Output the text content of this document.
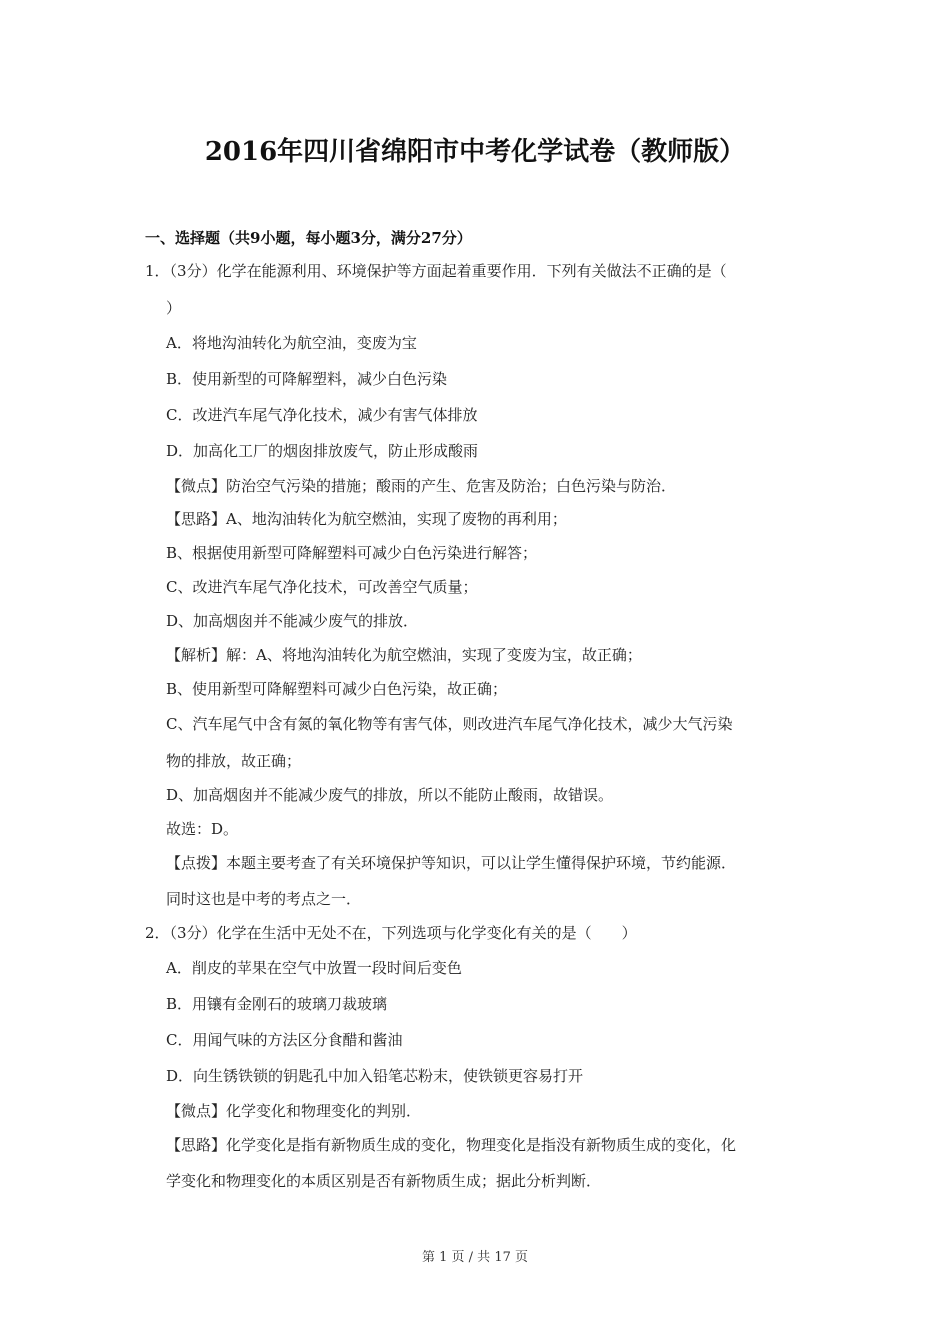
2016年四川省绵阳市中考化学试卷（教师版）
一、选择题（共9小题，每小题3分，满分27分）
1．（3分）化学在能源利用、环境保护等方面起着重要作用．下列有关做法不正确的是（
）
A．将地沟油转化为航空油，变废为宝
B．使用新型的可降解塑料，减少白色污染
C．改进汽车尾气净化技术，减少有害气体排放
D．加高化工厂的烟囱排放废气，防止形成酸雨
【微点】防治空气污染的措施；酸雨的产生、危害及防治；白色污染与防治．
【思路】A、地沟油转化为航空燃油，实现了废物的再利用；
B、根据使用新型可降解塑料可减少白色污染进行解答；
C、改进汽车尾气净化技术，可改善空气质量；
D、加高烟囱并不能减少废气的排放．
【解析】解：A、将地沟油转化为航空燃油，实现了变废为宝，故正确；
B、使用新型可降解塑料可减少白色污染，故正确；
C、汽车尾气中含有氮的氧化物等有害气体，则改进汽车尾气净化技术，减少大气污染
物的排放，故正确；
D、加高烟囱并不能减少废气的排放，所以不能防止酸雨，故错误。
故选：D。
【点拨】本题主要考查了有关环境保护等知识，可以让学生懂得保护环境，节约能源．
同时这也是中考的考点之一．
2．（3分）化学在生活中无处不在，下列选项与化学变化有关的是（　　）
A．削皮的苹果在空气中放置一段时间后变色
B．用镶有金刚石的玻璃刀裁玻璃
C．用闻气味的方法区分食醋和酱油
D．向生锈铁锁的钥匙孔中加入铅笔芯粉末，使铁锁更容易打开
【微点】化学变化和物理变化的判别．
【思路】化学变化是指有新物质生成的变化，物理变化是指没有新物质生成的变化，化
学变化和物理变化的本质区别是否有新物质生成；据此分析判断．
第 1 页 / 共 17 页
